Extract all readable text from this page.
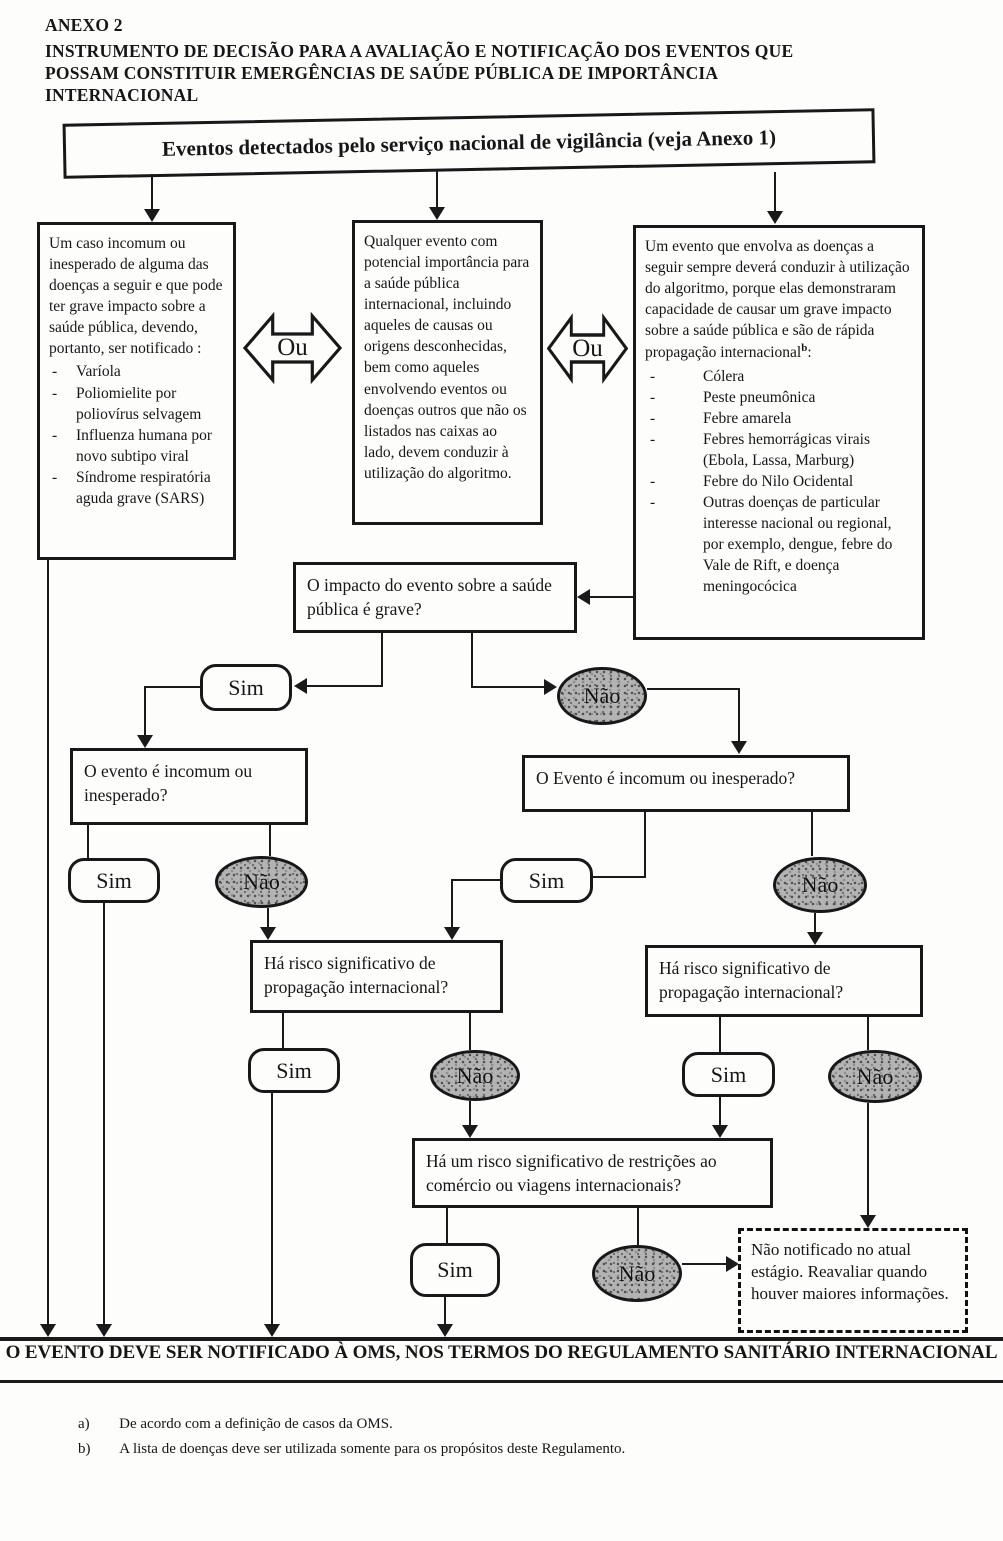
ANEXO 2
INSTRUMENTO DE DECISÃO PARA A AVALIAÇÃO E NOTIFICAÇÃO DOS EVENTOS QUE
POSSAM CONSTITUIR EMERGÊNCIAS DE SAÚDE PÚBLICA DE IMPORTÂNCIA
INTERNACIONAL
Eventos detectados pelo serviço nacional de vigilância (veja Anexo 1)
Um caso incomum ou inesperado de alguma das doenças a seguir e que pode ter grave impacto sobre a saúde pública, devendo, portanto, ser notificado :
- Varíola
- Poliomielite por poliovírus selvagem
- Influenza humana por novo subtipo viral
- Síndrome respiratória aguda grave (SARS)
Qualquer evento com potencial importância para a saúde pública internacional, incluindo aqueles de causas ou origens desconhecidas, bem como aqueles envolvendo eventos ou doenças outros que não os listados nas caixas ao lado, devem conduzir à utilização do algoritmo.
Um evento que envolva as doenças a seguir sempre deverá conduzir à utilização do algoritmo, porque elas demonstraram capacidade de causar um grave impacto sobre a saúde pública e são de rápida propagação internacional$^b$:
- Cólera
- Peste pneumônica
- Febre amarela
- Febres hemorrágicas virais (Ebola, Lassa, Marburg)
- Febre do Nilo Ocidental
- Outras doenças de particular interesse nacional ou regional, por exemplo, dengue, febre do Vale de Rift, e doença meningocócica
Ou	Ou
O impacto do evento sobre a saúde pública é grave?
Sim	Não
O evento é incomum ou inesperado?
O Evento é incomum ou inesperado?
Sim	Não	Sim	Não
Há risco significativo de propagação internacional?
Há risco significativo de propagação internacional?
Sim	Não	Sim	Não
Há um risco significativo de restrições ao comércio ou viagens internacionais?
Sim	Não
Não notificado no atual estágio. Reavaliar quando houver maiores informações.
O EVENTO DEVE SER NOTIFICADO À OMS, NOS TERMOS DO REGULAMENTO SANITÁRIO INTERNACIONAL
a) De acordo com a definição de casos da OMS.
b) A lista de doenças deve ser utilizada somente para os propósitos deste Regulamento.
